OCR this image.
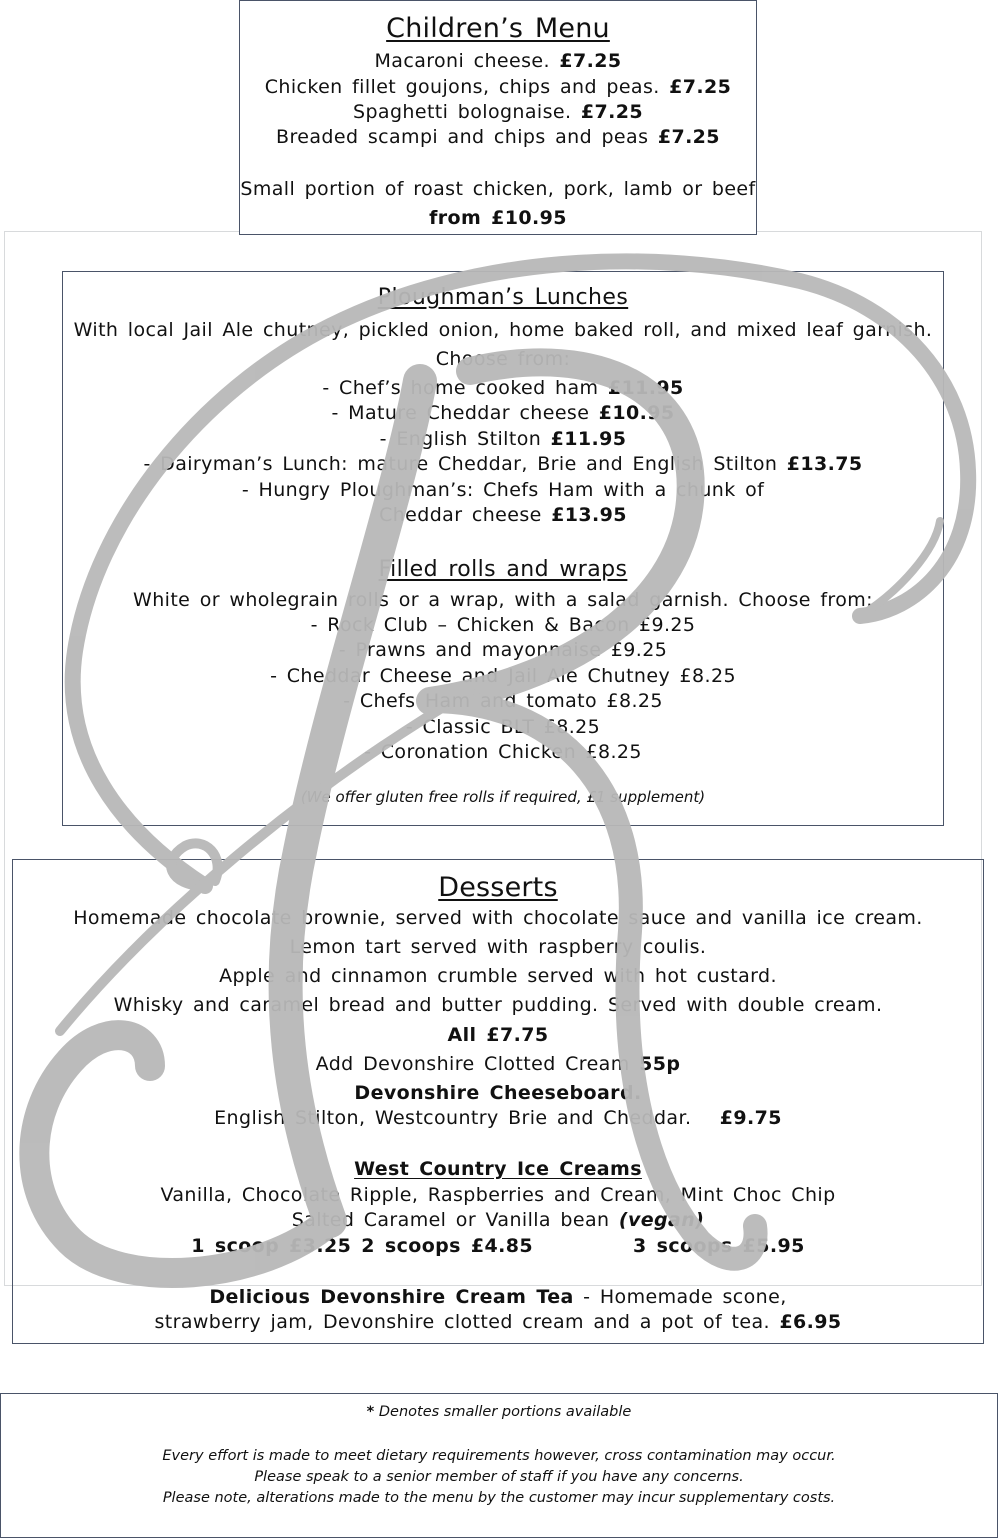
Children’s Menu
Macaroni cheese. £7.25
Chicken fillet goujons, chips and peas. £7.25
Spaghetti bolognaise. £7.25
Breaded scampi and chips and peas £7.25
Small portion of roast chicken, pork, lamb or beef
from £10.95
Ploughman’s Lunches
With local Jail Ale chutney, pickled onion, home baked roll, and mixed leaf garnish.
Choose from:
- Chef’s home cooked ham £11.95
- Mature Cheddar cheese £10.95
- English Stilton £11.95
- Dairyman’s Lunch: mature Cheddar, Brie and English Stilton £13.75
- Hungry Ploughman’s: Chefs Ham with a chunk of
Cheddar cheese £13.95
Filled rolls and wraps
White or wholegrain rolls or a wrap, with a salad garnish. Choose from:
- Rock Club – Chicken & Bacon £9.25
- Prawns and mayonnaise £9.25
- Cheddar Cheese and Jail Ale Chutney £8.25
- Chefs Ham and tomato £8.25
- Classic BLT £8.25
- Coronation Chicken £8.25
(We offer gluten free rolls if required, £1 supplement)
Desserts
Homemade chocolate brownie, served with chocolate sauce and vanilla ice cream.
Lemon tart served with raspberry coulis.
Apple and cinnamon crumble served with hot custard.
Whisky and caramel bread and butter pudding. Served with double cream.
All £7.75
Add Devonshire Clotted Cream 55p
Devonshire Cheeseboard.
English Stilton, Westcountry Brie and Cheddar. £9.75
West Country Ice Creams
Vanilla, Chocolate Ripple, Raspberries and Cream, Mint Choc Chip
Salted Caramel or Vanilla bean (vegan)
1 scoop £3.25 2 scoops £4.85	3 scoops £5.95
Delicious Devonshire Cream Tea - Homemade scone,
strawberry jam, Devonshire clotted cream and a pot of tea. £6.95
* Denotes smaller portions available
Every effort is made to meet dietary requirements however, cross contamination may occur.
Please speak to a senior member of staff if you have any concerns.
Please note, alterations made to the menu by the customer may incur supplementary costs.
